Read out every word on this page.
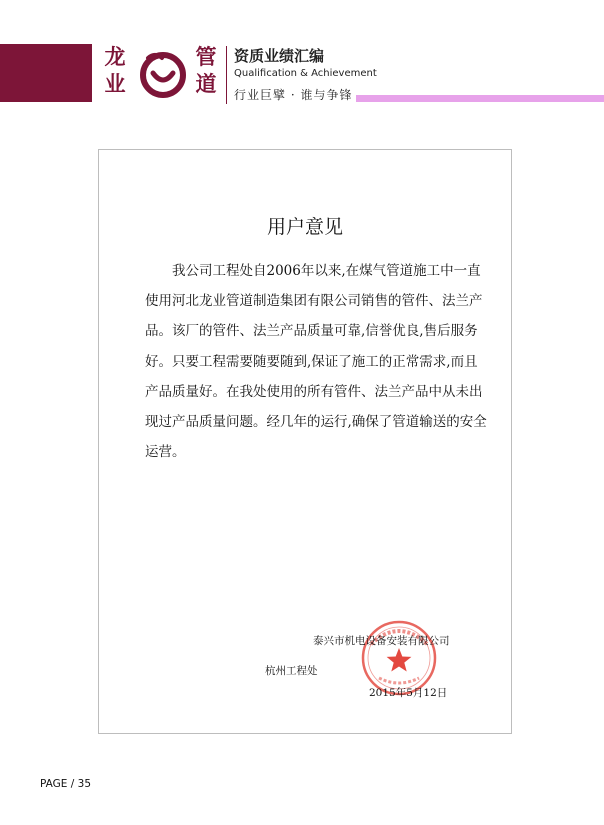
龙业
管道
资质业绩汇编
Qualification & Achievement
行业巨擘 · 谁与争锋
用户意见

我公司工程处自2006年以来,在煤气管道施工中一直使用河北龙业管道制造集团有限公司销售的管件、法兰产品。该厂的管件、法兰产品质量可靠,信誉优良,售后服务好。只要工程需要随要随到,保证了施工的正常需求,而且产品质量好。在我处使用的所有管件、法兰产品中从未出现过产品质量问题。经几年的运行,确保了管道输送的安全运营。

泰兴市机电设备安装有限公司
杭州工程处
2015年5月12日
PAGE / 35
